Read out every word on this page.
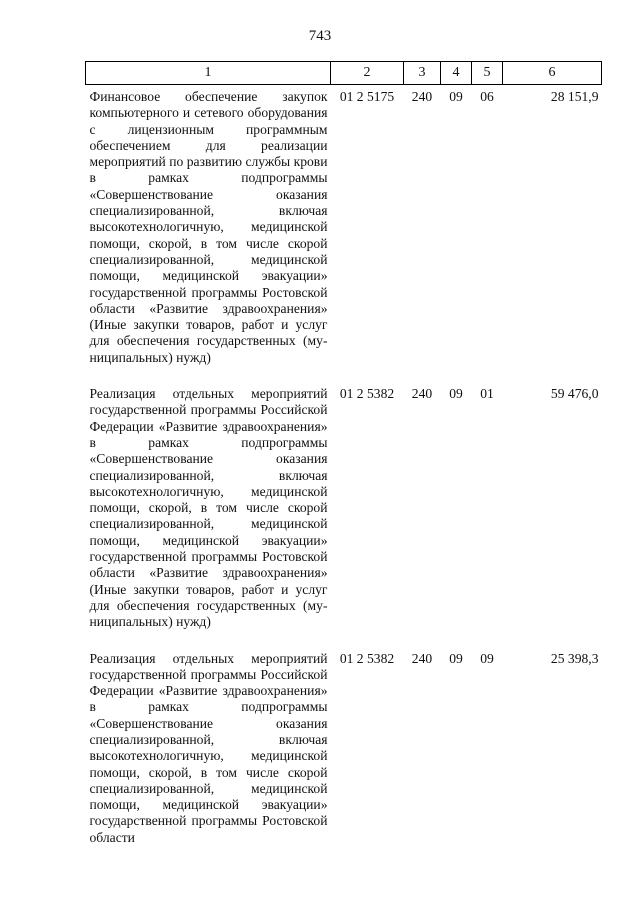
743
1	2	3	4	5	6
Финансовое обеспечение закупок компьютерного и сетевого оборудования с лицензионным программным обеспечением для реализации мероприятий по развитию службы крови в рамках подпрограммы «Совершенствование оказания специализированной, включая высокотехнологичную, медицинской помощи, скорой, в том числе скорой специализированной, медицинской помощи, медицинской эвакуации» государственной программы Ростовской области «Развитие здравоохранения» (Иные закупки товаров, работ и услуг для обеспечения государственных (муниципальных) нужд)	01 2 5175	240	09	06	28 151,9
Реализация отдельных мероприятий государственной программы Российской Федерации «Развитие здравоохранения» в рамках подпрограммы «Совершенствование оказания специализированной, включая высокотехнологичную, медицинской помощи, скорой, в том числе скорой специализированной, медицинской помощи, медицинской эвакуации» государственной программы Ростовской области «Развитие здравоохранения» (Иные закупки товаров, работ и услуг для обеспечения государственных (муниципальных) нужд)	01 2 5382	240	09	01	59 476,0
Реализация отдельных мероприятий государственной программы Российской Федерации «Развитие здравоохранения» в рамках подпрограммы «Совершенствование оказания специализированной, включая высокотехнологичную, медицинской помощи, скорой, в том числе скорой специализированной, медицинской помощи, медицинской эвакуации» государственной программы Ростовской области	01 2 5382	240	09	09	25 398,3
